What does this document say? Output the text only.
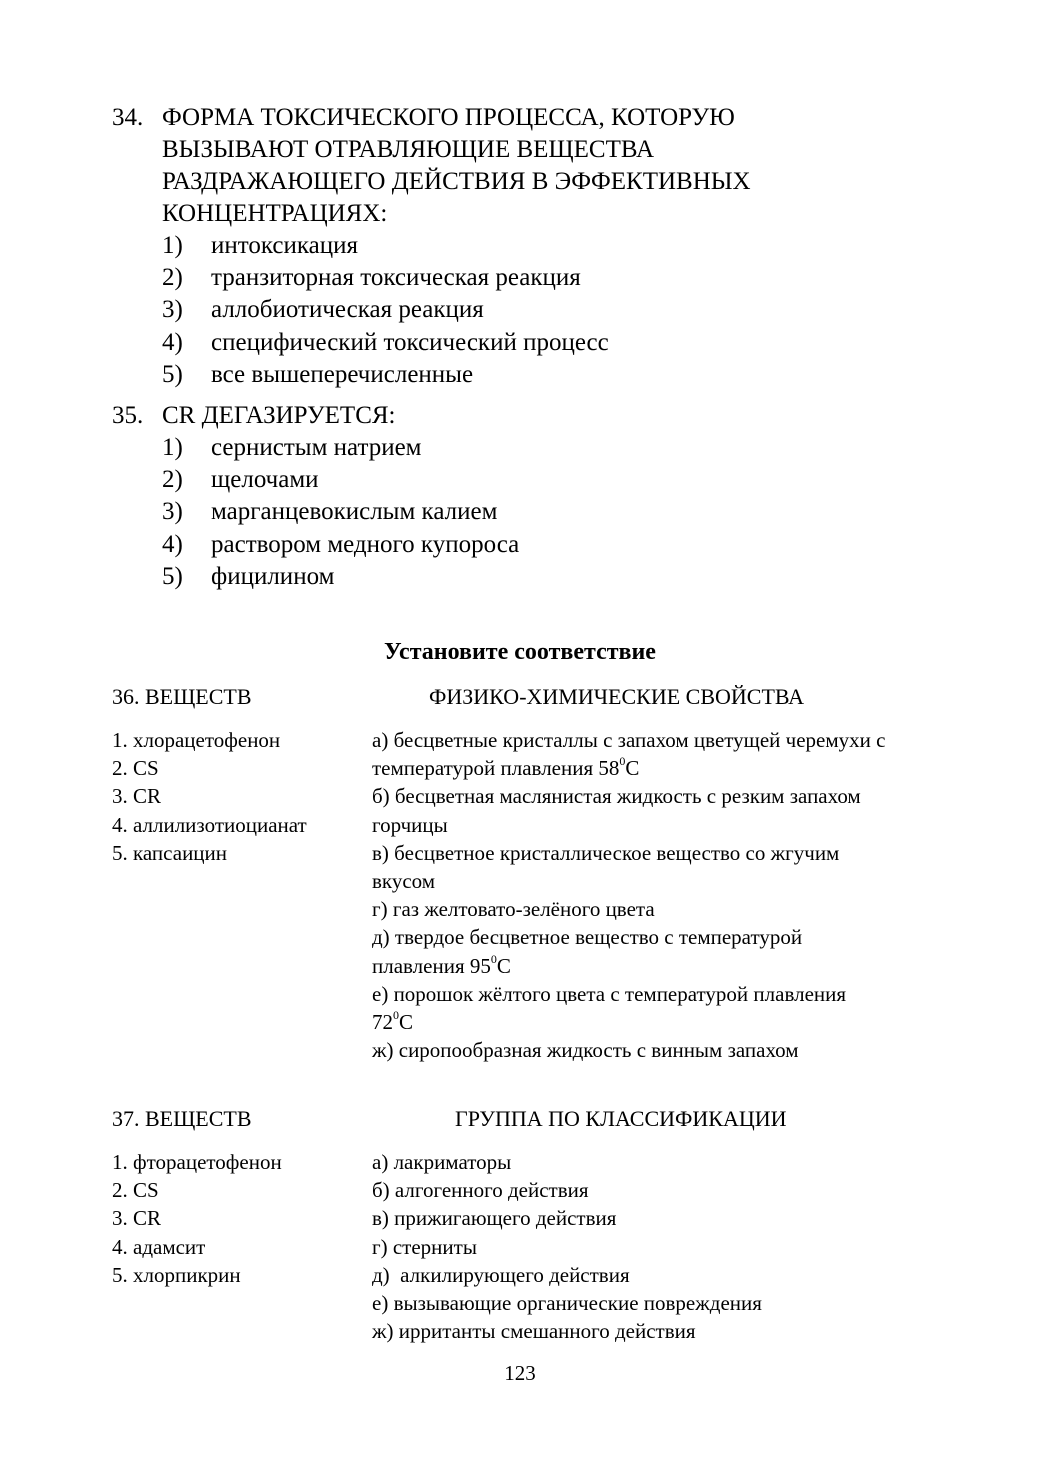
34. ФОРМА ТОКСИЧЕСКОГО ПРОЦЕССА, КОТОРУЮ ВЫЗЫВАЮТ ОТРАВЛЯЮЩИЕ ВЕЩЕСТВА РАЗДРАЖАЮЩЕГО ДЕЙСТВИЯ В ЭФФЕКТИВНЫХ КОНЦЕНТРАЦИЯХ:
1) интоксикация
2) транзиторная токсическая реакция
3) аллобиотическая реакция
4) специфический токсический процесс
5) все вышеперечисленные
35. CR ДЕГАЗИРУЕТСЯ:
1) сернистым натрием
2) щелочами
3) марганцевокислым калием
4) раствором медного купороса
5) фицилином
Установите соответствие
36. ВЕЩЕСТВ	ФИЗИКО-ХИМИЧЕСКИЕ СВОЙСТВА
1. хлорацетофенон
2. CS
3. CR
4. аллилизотиоцианат
5. капсаицин
а) бесцветные кристаллы с запахом цветущей черемухи с температурой плавления $58^0С$
б) бесцветная маслянистая жидкость с резким запахом горчицы
в) бесцветное кристаллическое вещество со жгучим вкусом
г) газ желтовато-зелёного цвета
д) твердое бесцветное вещество с температурой плавления $95^0С$
е) порошок жёлтого цвета с температурой плавления $72^0С$
ж) сиропообразная жидкость с винным запахом
37. ВЕЩЕСТВ	ГРУППА ПО КЛАССИФИКАЦИИ
1. фторацетофенон
2. CS
3. CR
4. адамсит
5. хлорпикрин
а) лакриматоры
б) алгогенного действия
в) прижигающего действия
г) стерниты
д)  алкилирующего действия
е) вызывающие органические повреждения
ж) ирританты смешанного действия
123
